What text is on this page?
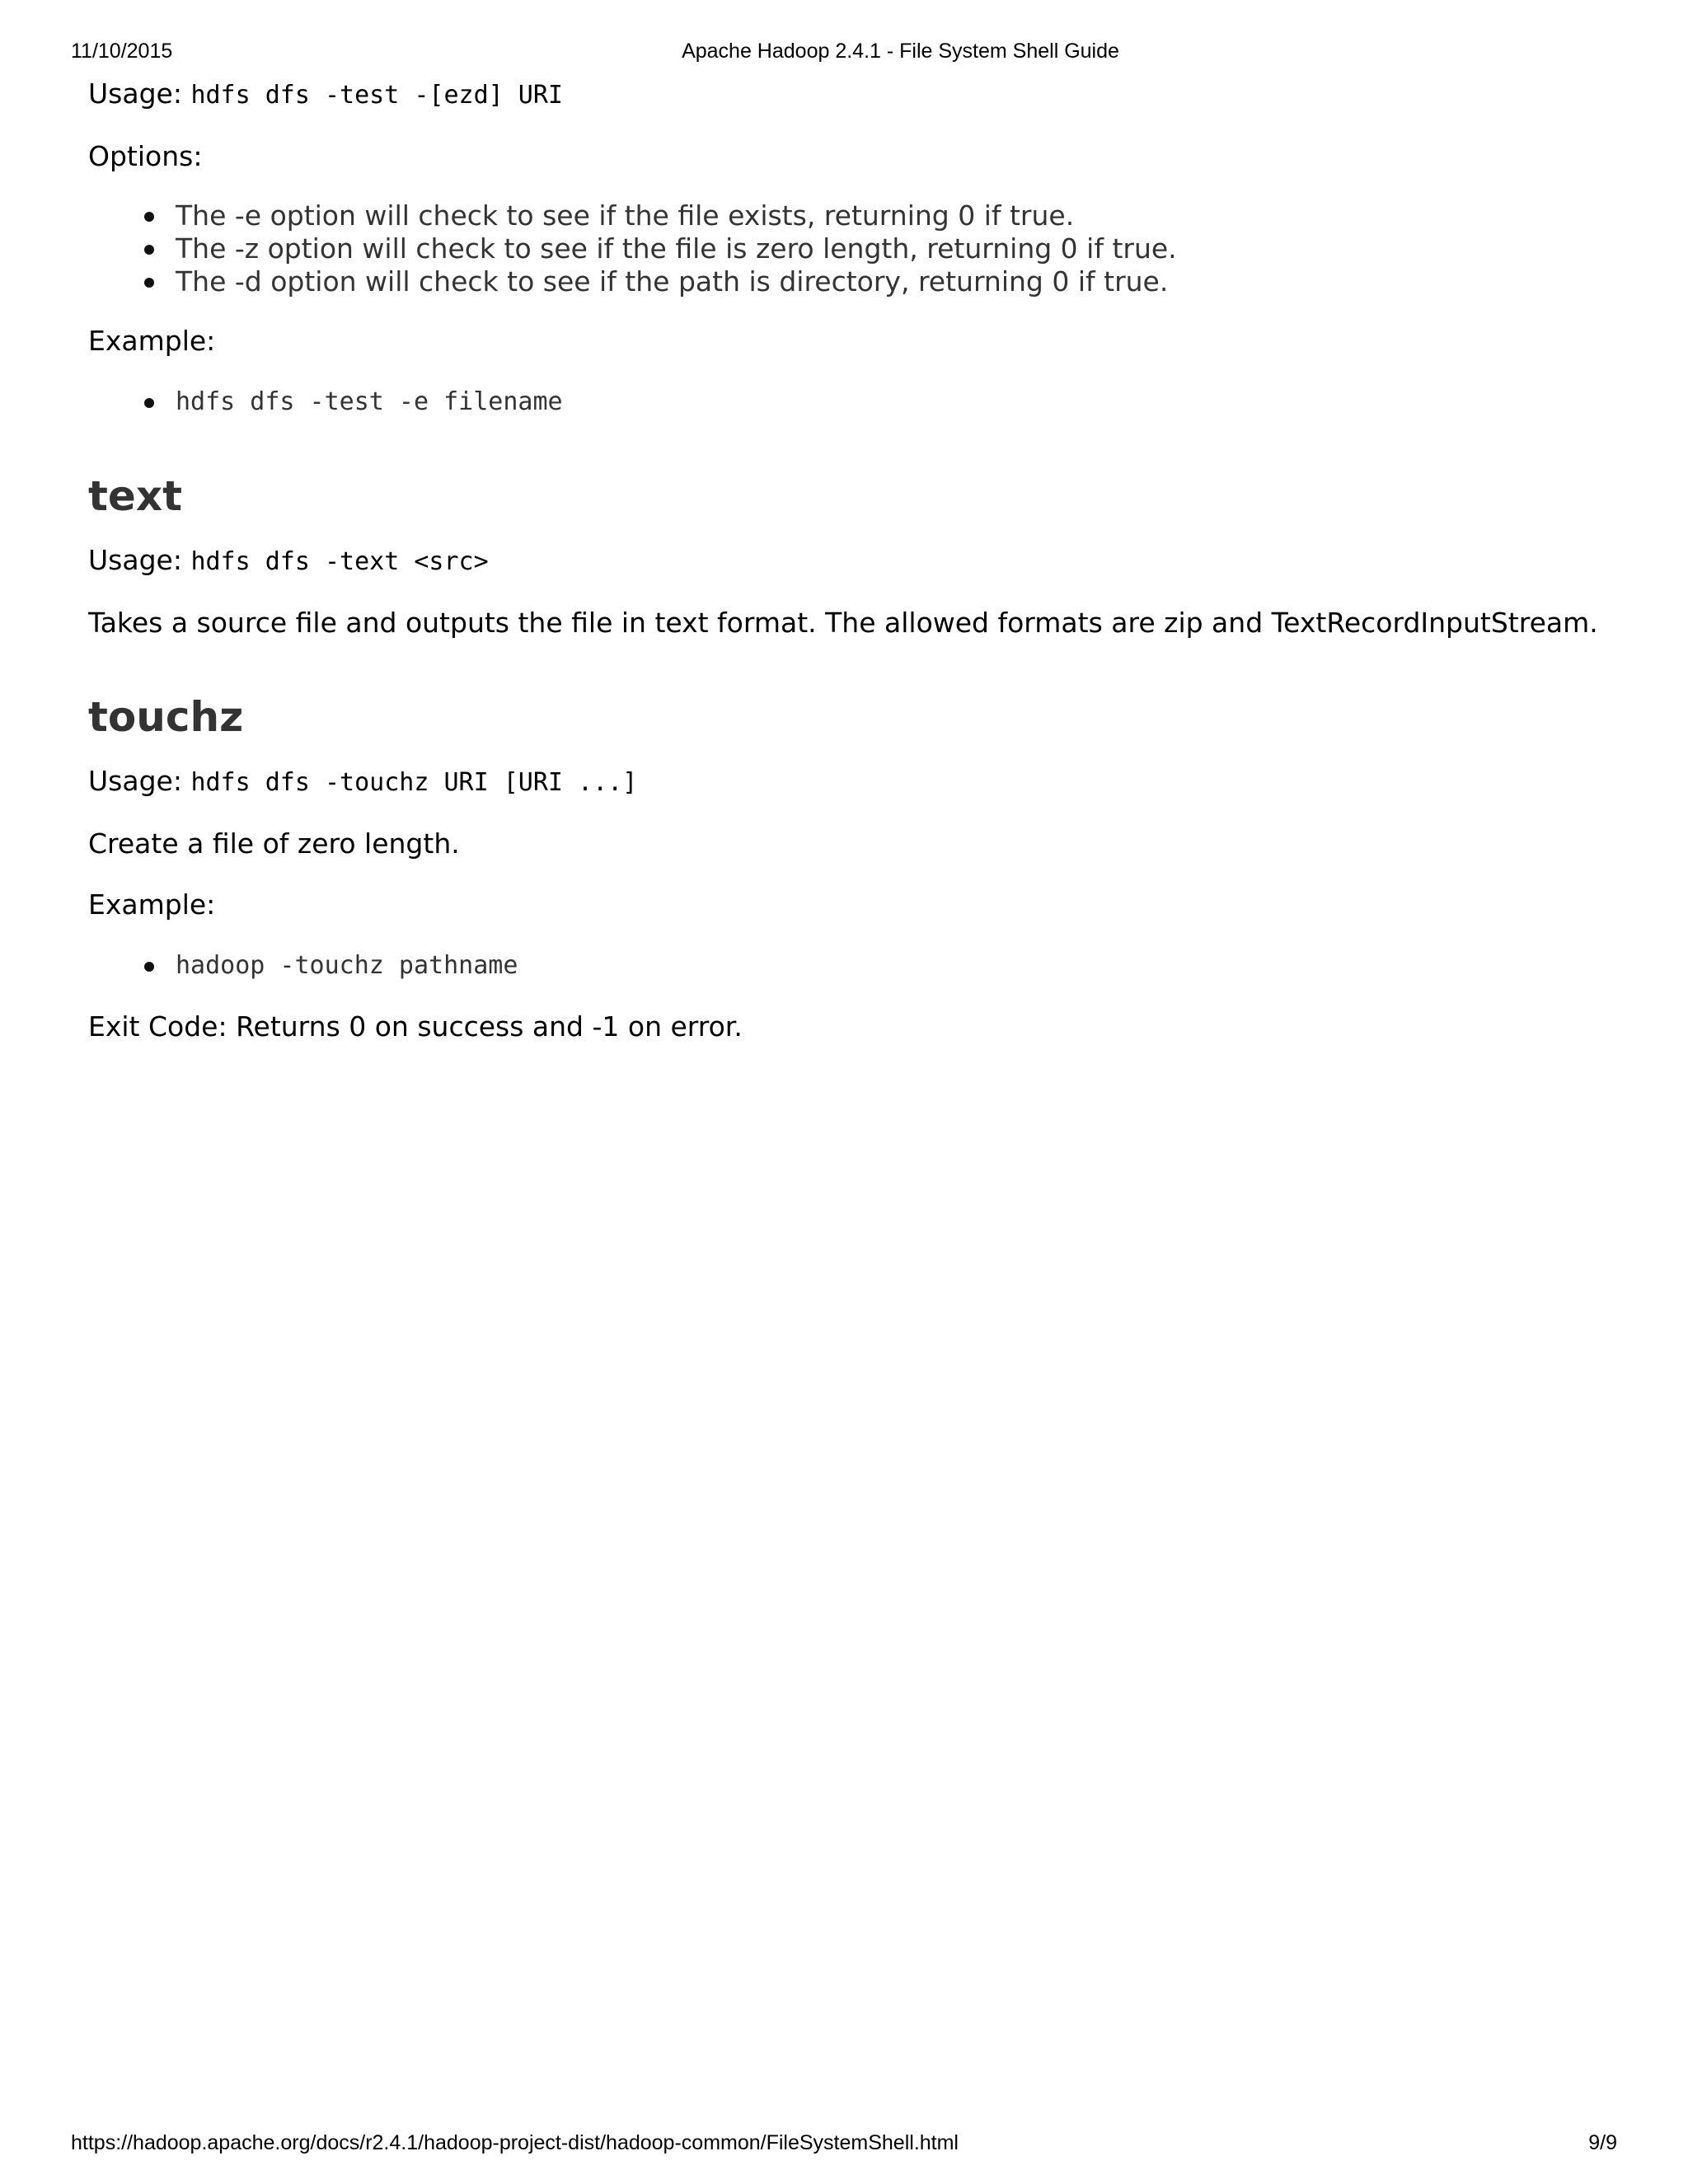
11/10/2015	Apache Hadoop 2.4.1 - File System Shell Guide

Usage: hdfs dfs -test -[ezd] URI

Options:

The -e option will check to see if the file exists, returning 0 if true.
The -z option will check to see if the file is zero length, returning 0 if true.
The -d option will check to see if the path is directory, returning 0 if true.

Example:

hdfs dfs -test -e filename
text

Usage: hdfs dfs -text <src>

Takes a source file and outputs the file in text format. The allowed formats are zip and TextRecordInputStream.

touchz

Usage: hdfs dfs -touchz URI [URI ...]

Create a file of zero length.

Example:

hadoop -touchz pathname

Exit Code: Returns 0 on success and -1 on error.

https://hadoop.apache.org/docs/r2.4.1/hadoop-project-dist/hadoop-common/FileSystemShell.html	9/9
